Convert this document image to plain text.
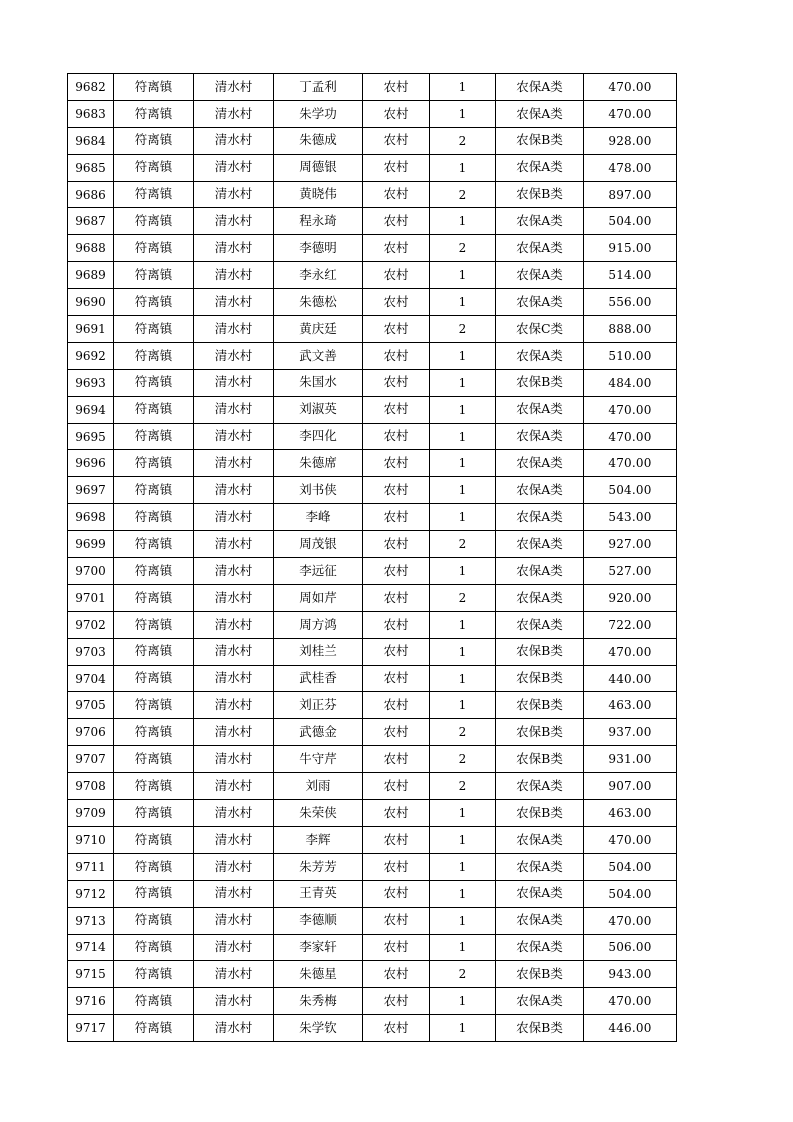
9682	符离镇	清水村	丁孟利	农村	1	农保A类	470.00
9683	符离镇	清水村	朱学功	农村	1	农保A类	470.00
9684	符离镇	清水村	朱德成	农村	2	农保B类	928.00
9685	符离镇	清水村	周德银	农村	1	农保A类	478.00
9686	符离镇	清水村	黄晓伟	农村	2	农保B类	897.00
9687	符离镇	清水村	程永琦	农村	1	农保A类	504.00
9688	符离镇	清水村	李德明	农村	2	农保A类	915.00
9689	符离镇	清水村	李永红	农村	1	农保A类	514.00
9690	符离镇	清水村	朱德松	农村	1	农保A类	556.00
9691	符离镇	清水村	黄庆廷	农村	2	农保C类	888.00
9692	符离镇	清水村	武文善	农村	1	农保A类	510.00
9693	符离镇	清水村	朱国水	农村	1	农保B类	484.00
9694	符离镇	清水村	刘淑英	农村	1	农保A类	470.00
9695	符离镇	清水村	李四化	农村	1	农保A类	470.00
9696	符离镇	清水村	朱德席	农村	1	农保A类	470.00
9697	符离镇	清水村	刘书侠	农村	1	农保A类	504.00
9698	符离镇	清水村	李峰	农村	1	农保A类	543.00
9699	符离镇	清水村	周茂银	农村	2	农保A类	927.00
9700	符离镇	清水村	李远征	农村	1	农保A类	527.00
9701	符离镇	清水村	周如芹	农村	2	农保A类	920.00
9702	符离镇	清水村	周方鸿	农村	1	农保A类	722.00
9703	符离镇	清水村	刘桂兰	农村	1	农保B类	470.00
9704	符离镇	清水村	武桂香	农村	1	农保B类	440.00
9705	符离镇	清水村	刘正芬	农村	1	农保B类	463.00
9706	符离镇	清水村	武德金	农村	2	农保B类	937.00
9707	符离镇	清水村	牛守芹	农村	2	农保B类	931.00
9708	符离镇	清水村	刘雨	农村	2	农保A类	907.00
9709	符离镇	清水村	朱荣侠	农村	1	农保B类	463.00
9710	符离镇	清水村	李辉	农村	1	农保A类	470.00
9711	符离镇	清水村	朱芳芳	农村	1	农保A类	504.00
9712	符离镇	清水村	王青英	农村	1	农保A类	504.00
9713	符离镇	清水村	李德顺	农村	1	农保A类	470.00
9714	符离镇	清水村	李家轩	农村	1	农保A类	506.00
9715	符离镇	清水村	朱德星	农村	2	农保B类	943.00
9716	符离镇	清水村	朱秀梅	农村	1	农保A类	470.00
9717	符离镇	清水村	朱学钦	农村	1	农保B类	446.00
